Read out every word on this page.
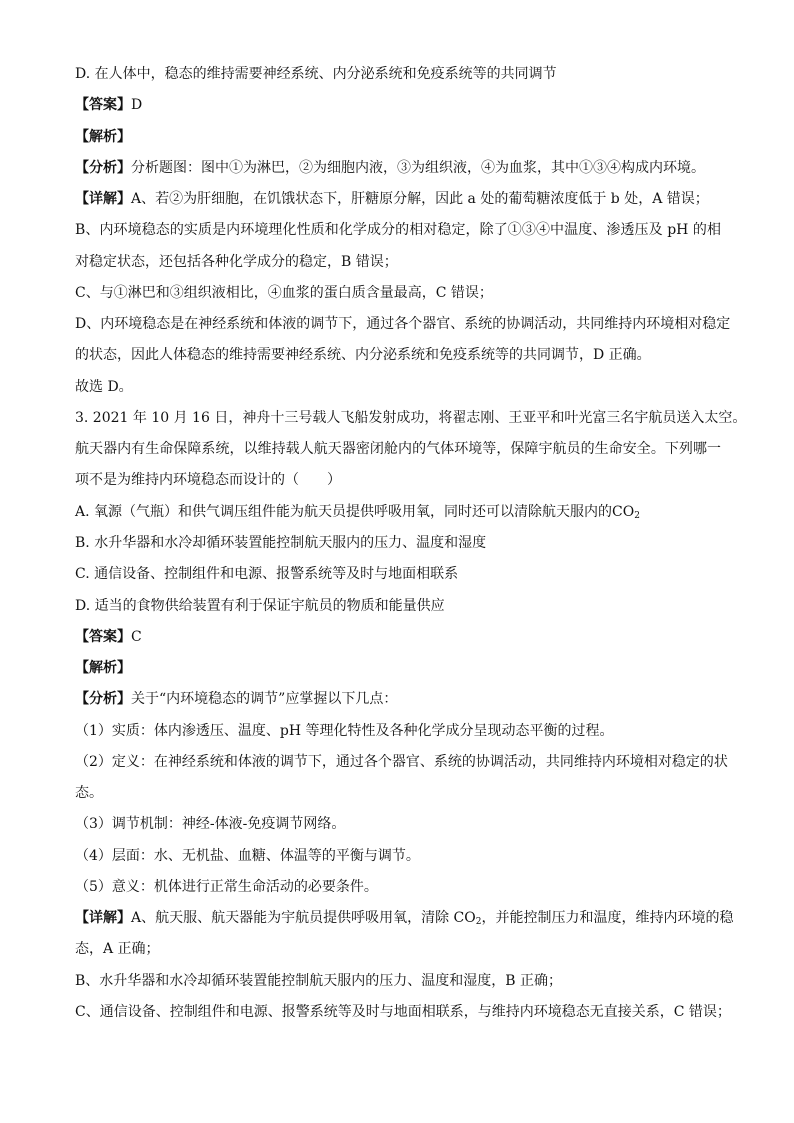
D. 在人体中，稳态的维持需要神经系统、内分泌系统和免疫系统等的共同调节
【答案】D
【解析】
【分析】分析题图：图中①为淋巴，②为细胞内液，③为组织液，④为血浆，其中①③④构成内环境。
【详解】A、若②为肝细胞，在饥饿状态下，肝糖原分解，因此 a 处的葡萄糖浓度低于 b 处，A 错误；
B、内环境稳态的实质是内环境理化性质和化学成分的相对稳定，除了①③④中温度、渗透压及 pH 的相
对稳定状态，还包括各种化学成分的稳定，B 错误；
C、与①淋巴和③组织液相比，④血浆的蛋白质含量最高，C 错误；
D、内环境稳态是在神经系统和体液的调节下，通过各个器官、系统的协调活动，共同维持内环境相对稳定
的状态，因此人体稳态的维持需要神经系统、内分泌系统和免疫系统等的共同调节，D 正确。
故选 D。
3. 2021 年 10 月 16 日，神舟十三号载人飞船发射成功，将翟志刚、王亚平和叶光富三名宇航员送入太空。
航天器内有生命保障系统，以维持载人航天器密闭舱内的气体环境等，保障宇航员的生命安全。下列哪一
项不是为维持内环境稳态而设计的（　　）
A. 氧源（气瓶）和供气调压组件能为航天员提供呼吸用氧，同时还可以清除航天服内的$CO_2$
B. 水升华器和水冷却循环装置能控制航天服内的压力、温度和湿度
C. 通信设备、控制组件和电源、报警系统等及时与地面相联系
D. 适当的食物供给装置有利于保证宇航员的物质和能量供应
【答案】C
【解析】
【分析】关于“内环境稳态的调节”应掌握以下几点：
（1）实质：体内渗透压、温度、pH 等理化特性及各种化学成分呈现动态平衡的过程。
（2）定义：在神经系统和体液的调节下，通过各个器官、系统的协调活动，共同维持内环境相对稳定的状
态。
（3）调节机制：神经-体液-免疫调节网络。
（4）层面：水、无机盐、血糖、体温等的平衡与调节。
（5）意义：机体进行正常生命活动的必要条件。
【详解】A、航天服、航天器能为宇航员提供呼吸用氧，清除 $CO_2$，并能控制压力和温度，维持内环境的稳
态，A 正确；
B、水升华器和水冷却循环装置能控制航天服内的压力、温度和湿度，B 正确；
C、通信设备、控制组件和电源、报警系统等及时与地面相联系，与维持内环境稳态无直接关系，C 错误；
